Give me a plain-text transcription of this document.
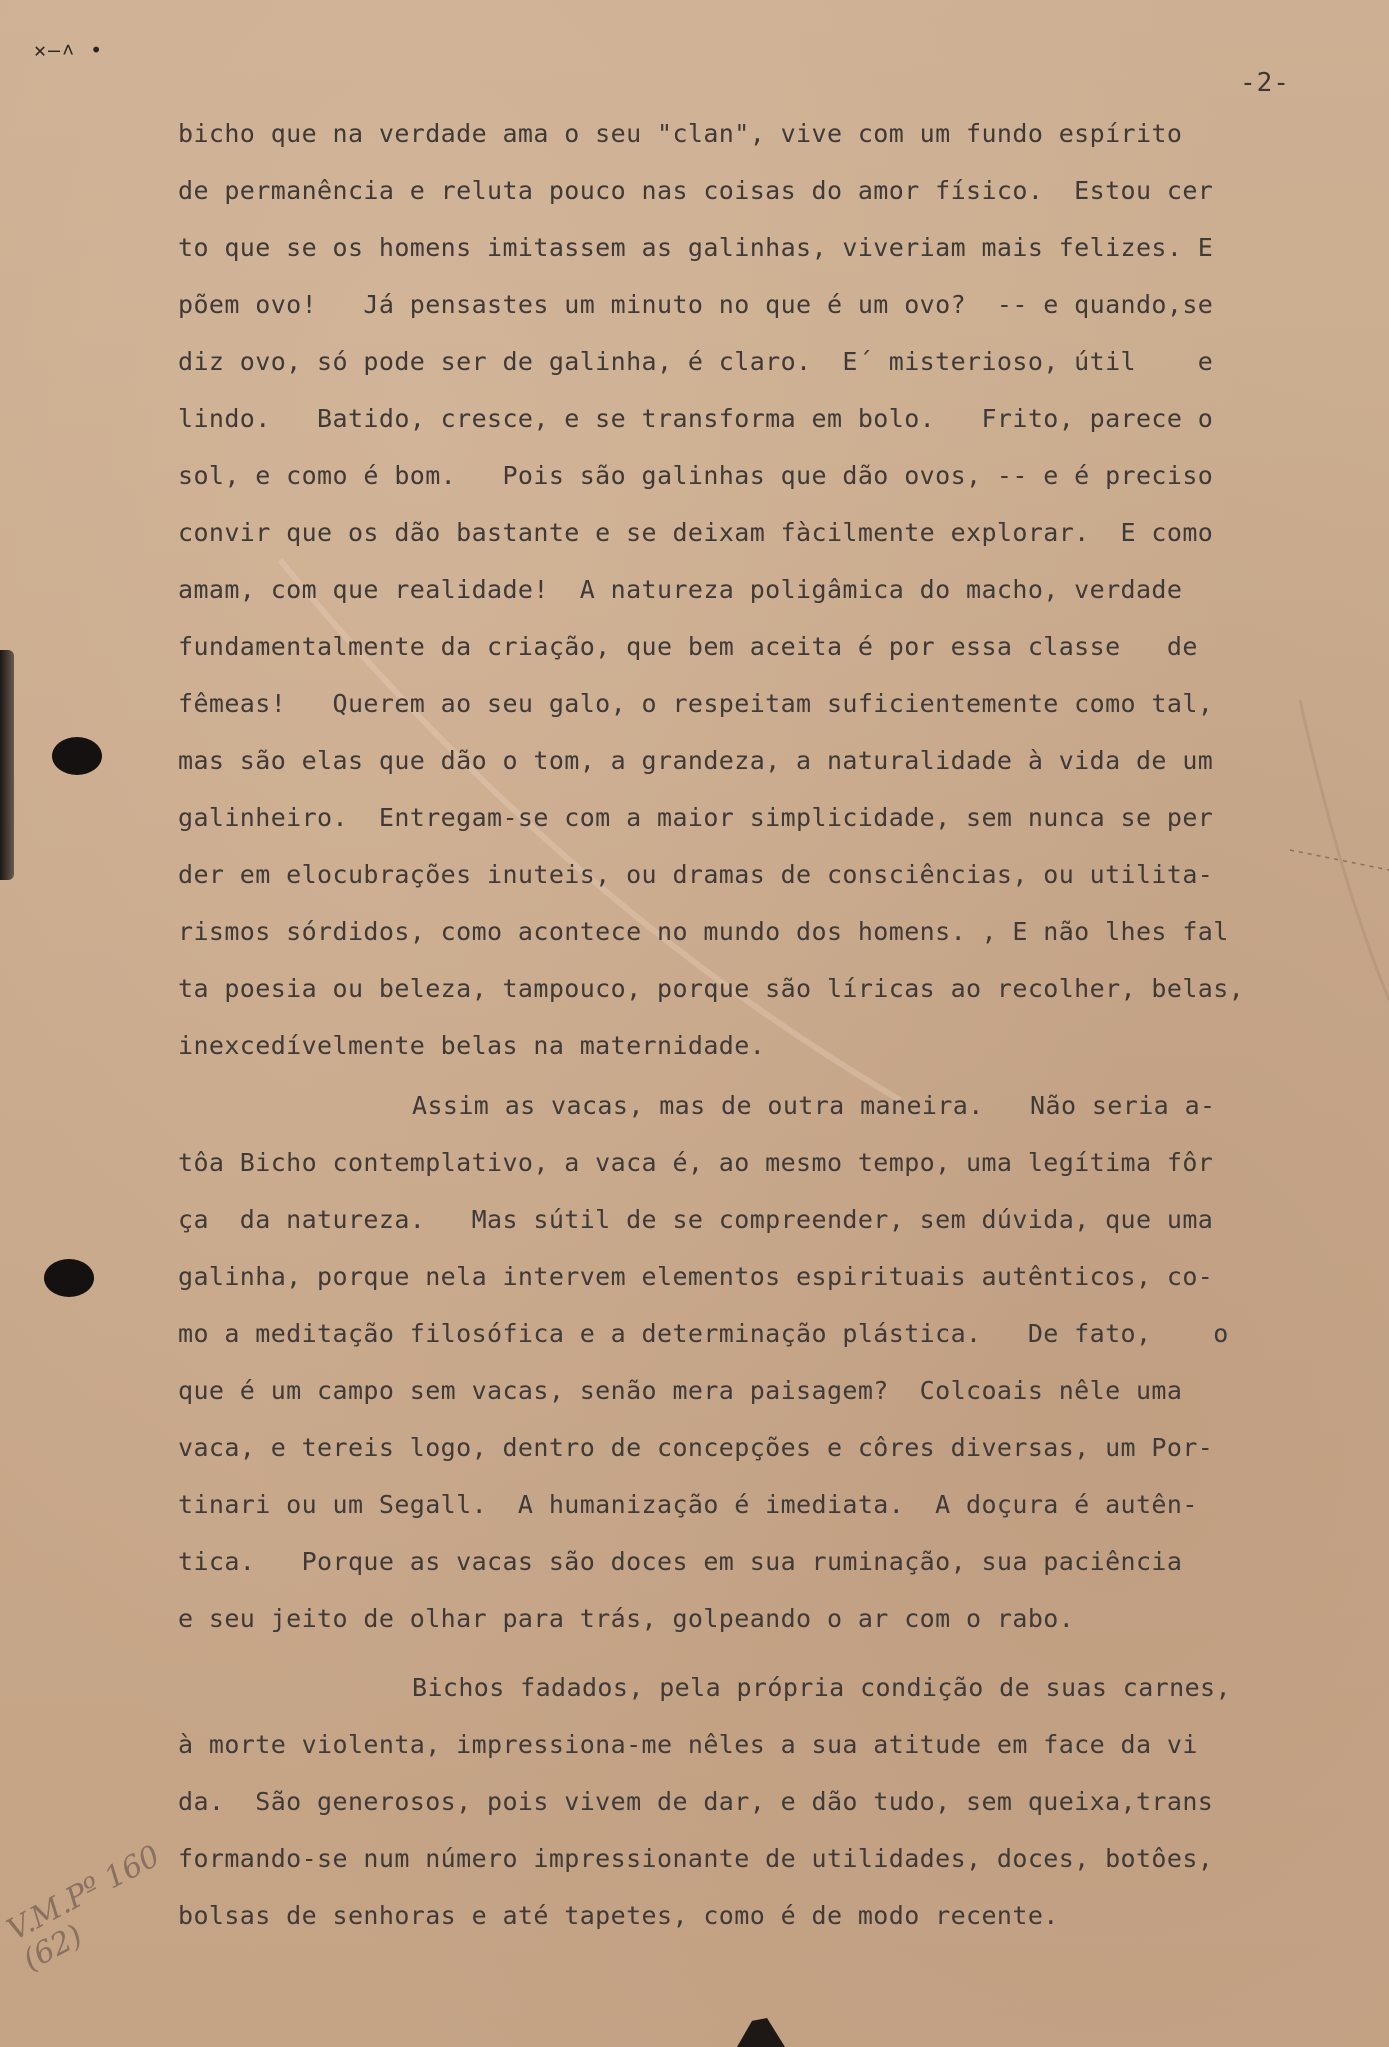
✕–˄ •
-2-
V.M.Pº 160
(62)
bicho que na verdade ama o seu "clan", vive com um fundo espírito
de permanência e reluta pouco nas coisas do amor físico.  Estou cer
to que se os homens imitassem as galinhas, viveriam mais felizes. E
põem ovo!   Já pensastes um minuto no que é um ovo?  -- e quando,se
diz ovo, só pode ser de galinha, é claro.  E´ misterioso, útil    e
lindo.   Batido, cresce, e se transforma em bolo.   Frito, parece o
sol, e como é bom.   Pois são galinhas que dão ovos, -- e é preciso
convir que os dão bastante e se deixam fàcilmente explorar.  E como
amam, com que realidade!  A natureza poligâmica do macho, verdade
fundamentalmente da criação, que bem aceita é por essa classe   de
fêmeas!   Querem ao seu galo, o respeitam suficientemente como tal,
mas são elas que dão o tom, a grandeza, a naturalidade à vida de um
galinheiro.  Entregam-se com a maior simplicidade, sem nunca se per
der em elocubrações inuteis, ou dramas de consciências, ou utilita-
rismos sórdidos, como acontece no mundo dos homens. , E não lhes fal
ta poesia ou beleza, tampouco, porque são líricas ao recolher, belas,
inexcedívelmente belas na maternidade.
Assim as vacas, mas de outra maneira.   Não seria a-
tôa Bicho contemplativo, a vaca é, ao mesmo tempo, uma legítima fôr
ça  da natureza.   Mas sútil de se compreender, sem dúvida, que uma
galinha, porque nela intervem elementos espirituais autênticos, co-
mo a meditação filosófica e a determinação plástica.   De fato,    o
que é um campo sem vacas, senão mera paisagem?  Colcoais nêle uma
vaca, e tereis logo, dentro de concepções e côres diversas, um Por-
tinari ou um Segall.  A humanização é imediata.  A doçura é autên-
tica.   Porque as vacas são doces em sua ruminação, sua paciência
e seu jeito de olhar para trás, golpeando o ar com o rabo.
Bichos fadados, pela própria condição de suas carnes,
à morte violenta, impressiona-me nêles a sua atitude em face da vi
da.  São generosos, pois vivem de dar, e dão tudo, sem queixa,trans
formando-se num número impressionante de utilidades, doces, botôes,
bolsas de senhoras e até tapetes, como é de modo recente.
